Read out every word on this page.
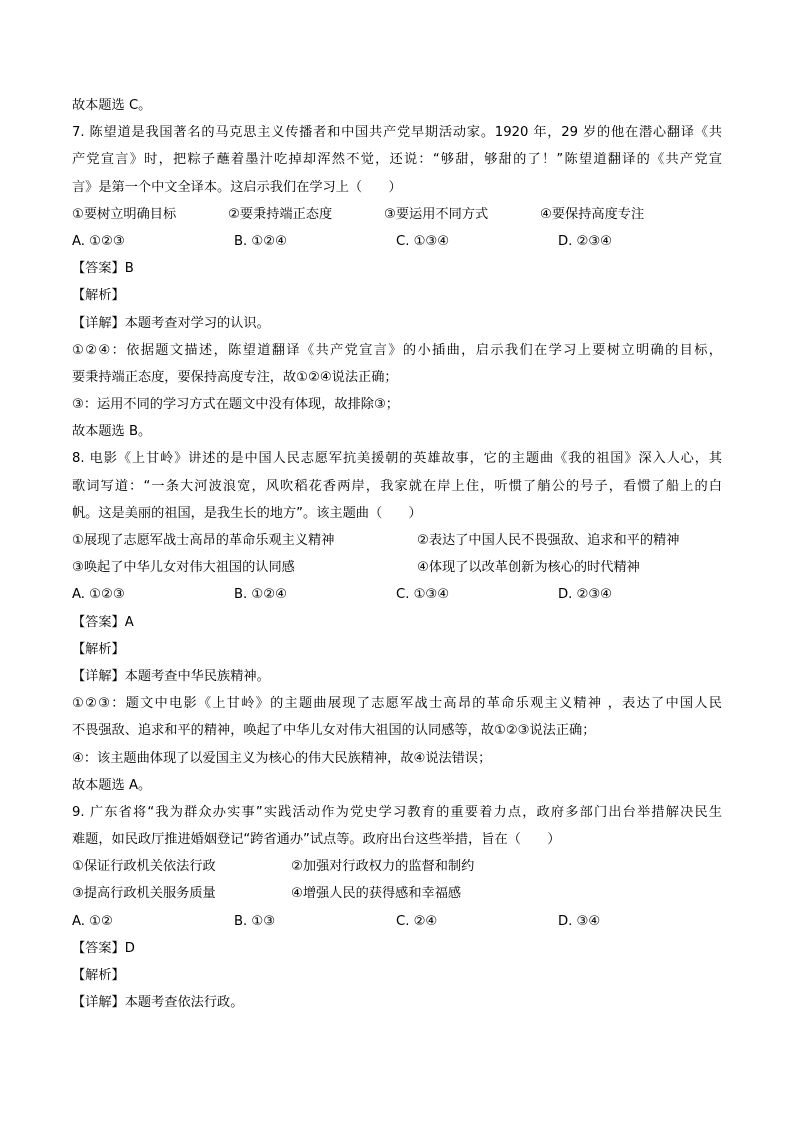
故本题选 C。
7. 陈望道是我国著名的马克思主义传播者和中国共产党早期活动家。1920 年，29 岁的他在潜心翻译《共
产党宣言》时，把粽子蘸着墨汁吃掉却浑然不觉，还说：“够甜，够甜的了！”陈望道翻译的《共产党宣
言》是第一个中文全译本。这启示我们在学习上（　　）
①要树立明确目标	②要秉持端正态度	③要运用不同方式	④要保持高度专注
A. ①②③	B. ①②④	C. ①③④	D. ②③④
【答案】B
【解析】
【详解】本题考查对学习的认识。
①②④：依据题文描述，陈望道翻译《共产党宣言》的小插曲，启示我们在学习上要树立明确的目标，
要秉持端正态度，要保持高度专注，故①②④说法正确；
③：运用不同的学习方式在题文中没有体现，故排除③；
故本题选 B。
8. 电影《上甘岭》讲述的是中国人民志愿军抗美援朝的英雄故事，它的主题曲《我的祖国》深入人心，其
歌词写道：“一条大河波浪宽，风吹稻花香两岸，我家就在岸上住，听惯了艄公的号子，看惯了船上的白
帆。这是美丽的祖国，是我生长的地方”。该主题曲（　　）
①展现了志愿军战士高昂的革命乐观主义精神	②表达了中国人民不畏强敌、追求和平的精神
③唤起了中华儿女对伟大祖国的认同感	④体现了以改革创新为核心的时代精神
A. ①②③	B. ①②④	C. ①③④	D. ②③④
【答案】A
【解析】
【详解】本题考查中华民族精神。
①②③：题文中电影《上甘岭》的主题曲展现了志愿军战士高昂的革命乐观主义精神 ，表达了中国人民
不畏强敌、追求和平的精神，唤起了中华儿女对伟大祖国的认同感等，故①②③说法正确；
④：该主题曲体现了以爱国主义为核心的伟大民族精神，故④说法错误；
故本题选 A。
9. 广东省将“我为群众办实事”实践活动作为党史学习教育的重要着力点，政府多部门出台举措解决民生
难题，如民政厅推进婚姻登记“跨省通办”试点等。政府出台这些举措，旨在（　　）
①保证行政机关依法行政	②加强对行政权力的监督和制约
③提高行政机关服务质量	④增强人民的获得感和幸福感
A. ①②	B. ①③	C. ②④	D. ③④
【答案】D
【解析】
【详解】本题考查依法行政。
